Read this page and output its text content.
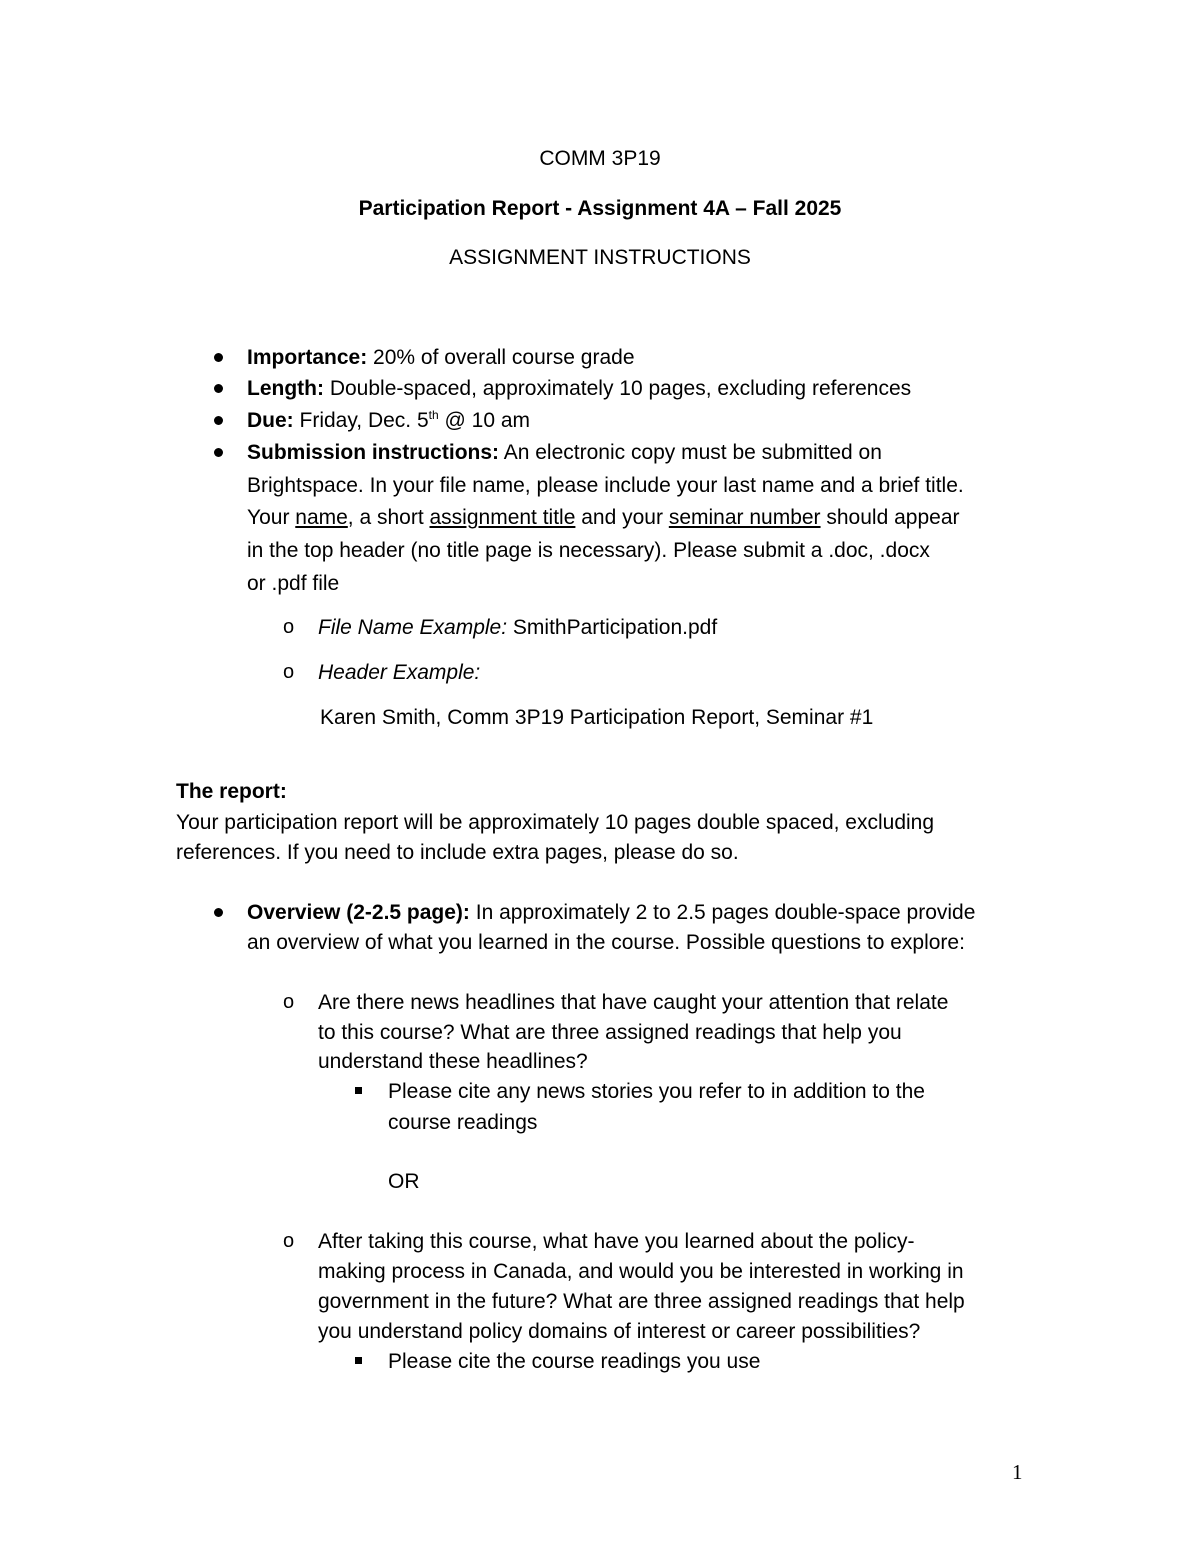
COMM 3P19
Participation Report - Assignment 4A – Fall 2025
ASSIGNMENT INSTRUCTIONS
Importance: 20% of overall course grade
Length: Double-spaced, approximately 10 pages, excluding references
Due: Friday, Dec. 5th @ 10 am
Submission instructions: An electronic copy must be submitted on
Brightspace. In your file name, please include your last name and a brief title.
Your name, a short assignment title and your seminar number should appear
in the top header (no title page is necessary). Please submit a .doc, .docx
or .pdf file
o File Name Example: SmithParticipation.pdf
o Header Example:
Karen Smith, Comm 3P19 Participation Report, Seminar #1
The report:
Your participation report will be approximately 10 pages double spaced, excluding
references. If you need to include extra pages, please do so.
Overview (2-2.5 page): In approximately 2 to 2.5 pages double-space provide
an overview of what you learned in the course. Possible questions to explore:
o Are there news headlines that have caught your attention that relate
to this course? What are three assigned readings that help you
understand these headlines?
Please cite any news stories you refer to in addition to the
course readings
OR
o After taking this course, what have you learned about the policy-
making process in Canada, and would you be interested in working in
government in the future? What are three assigned readings that help
you understand policy domains of interest or career possibilities?
Please cite the course readings you use
1
